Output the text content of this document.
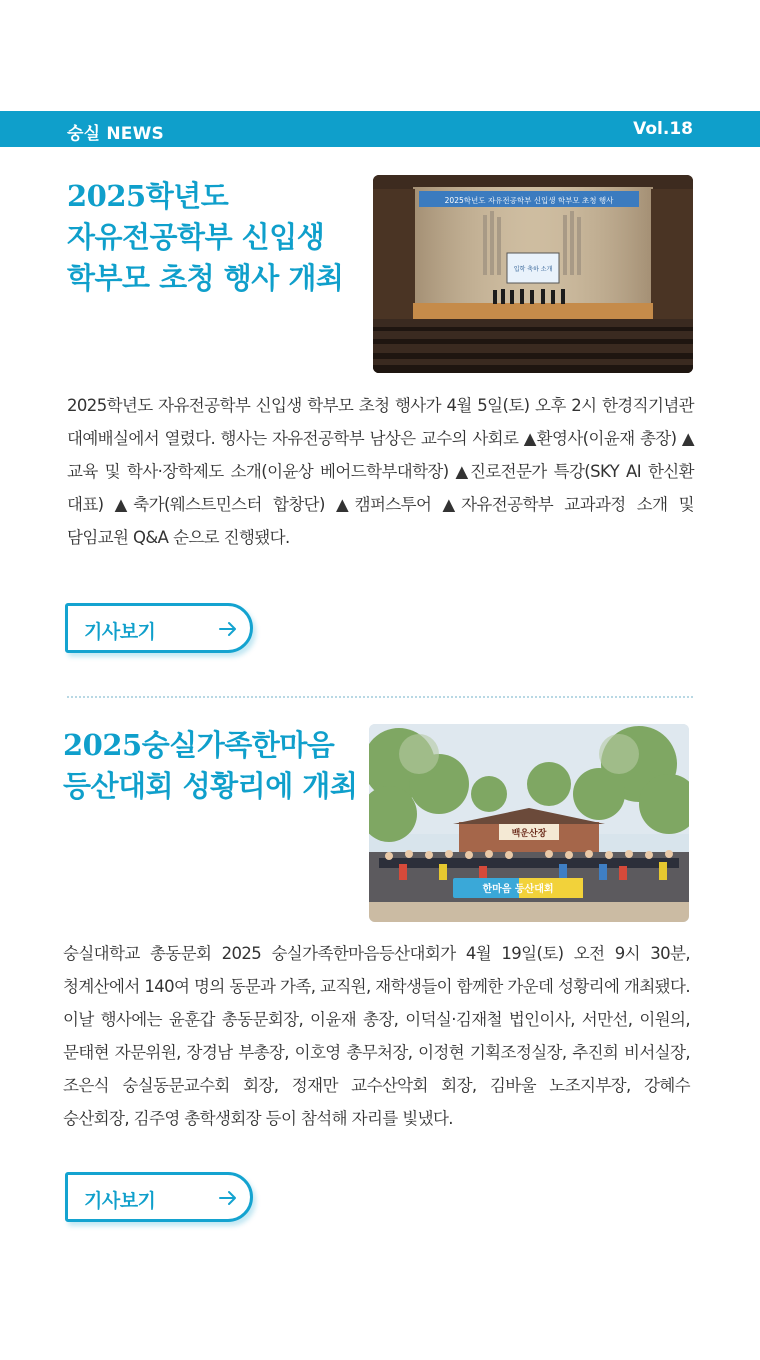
숭실 NEWS	Vol.18
2025학년도
자유전공학부 신입생
학부모 초청 행사 개최
2025학년도 자유전공학부 신입생 학부모 초청 행사
입학 축하 소개
2025학년도 자유전공학부 신입생 학부모 초청 행사가 4월 5일(토) 오후 2시 한경직기념관 대예배실에서 열렸다. 행사는 자유전공학부 남상은 교수의 사회로 ▲환영사(이윤재 총장) ▲교육 및 학사·장학제도 소개(이윤상 베어드학부대학장) ▲진로전문가 특강(SKY AI 한신환 대표) ▲축가(웨스트민스터 합창단) ▲캠퍼스투어 ▲자유전공학부 교과과정 소개 및 담임교원 Q&A 순으로 진행됐다.
기사보기
2025숭실가족한마음
등산대회 성황리에 개최
백운산장
한마음 등산대회
숭실대학교 총동문회 2025 숭실가족한마음등산대회가 4월 19일(토) 오전 9시 30분, 청계산에서 140여 명의 동문과 가족, 교직원, 재학생들이 함께한 가운데 성황리에 개최됐다. 이날 행사에는 윤훈갑 총동문회장, 이윤재 총장, 이덕실·김재철 법인이사, 서만선, 이원의, 문태현 자문위원, 장경남 부총장, 이호영 총무처장, 이정현 기획조정실장, 추진희 비서실장, 조은식 숭실동문교수회 회장, 정재만 교수산악회 회장, 김바울 노조지부장, 강혜수 숭산회장, 김주영 총학생회장 등이 참석해 자리를 빛냈다.
기사보기
